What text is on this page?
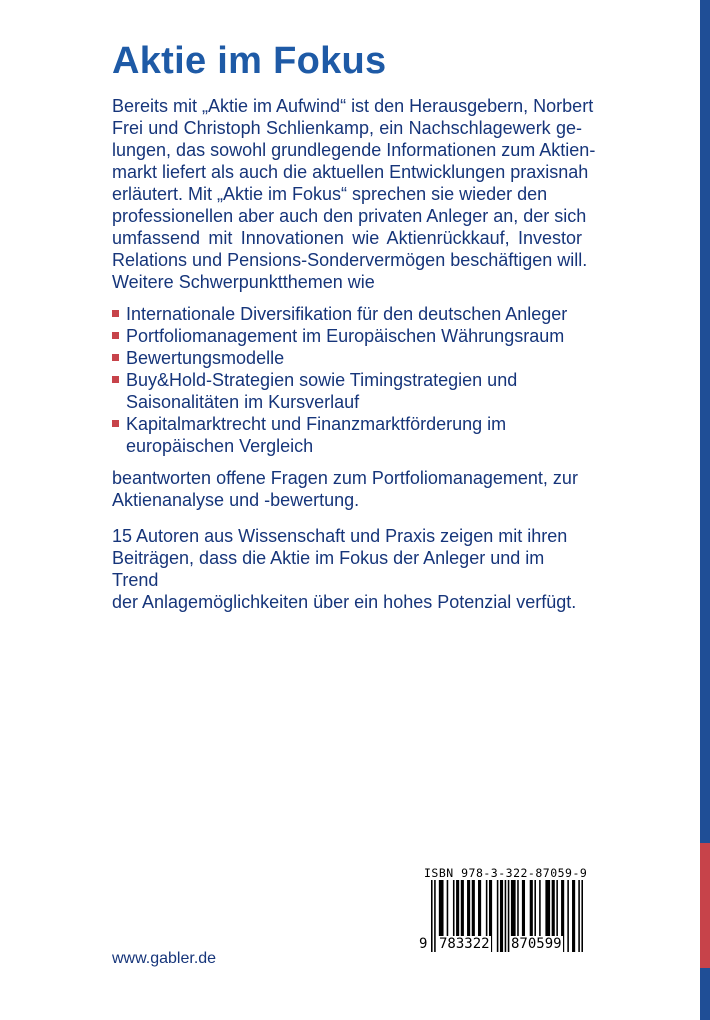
Aktie im Fokus

Bereits mit „Aktie im Aufwind“ ist den Herausgebern, Norbert
Frei und Christoph Schlienkamp, ein Nachschlagewerk ge-
lungen, das sowohl grundlegende Informationen zum Aktien-
markt liefert als auch die aktuellen Entwicklungen praxisnah
erläutert. Mit „Aktie im Fokus“ sprechen sie wieder den
professionellen aber auch den privaten Anleger an, der sich
umfassend mit Innovationen wie Aktienrückkauf, Investor
Relations und Pensions-Sondervermögen beschäftigen will.
Weitere Schwerpunktthemen wie

Internationale Diversifikation für den deutschen Anleger
Portfoliomanagement im Europäischen Währungsraum
Bewertungsmodelle
Buy&Hold-Strategien sowie Timingstrategien und
Saisonalitäten im Kursverlauf
Kapitalmarktrecht und Finanzmarktförderung im
europäischen Vergleich

beantworten offene Fragen zum Portfoliomanagement, zur
Aktienanalyse und -bewertung.

15 Autoren aus Wissenschaft und Praxis zeigen mit ihren
Beiträgen, dass die Aktie im Fokus der Anleger und im Trend
der Anlagemöglichkeiten über ein hohes Potenzial verfügt.

ISBN 978-3-322-87059-9
9 783322 870599
www.gabler.de
